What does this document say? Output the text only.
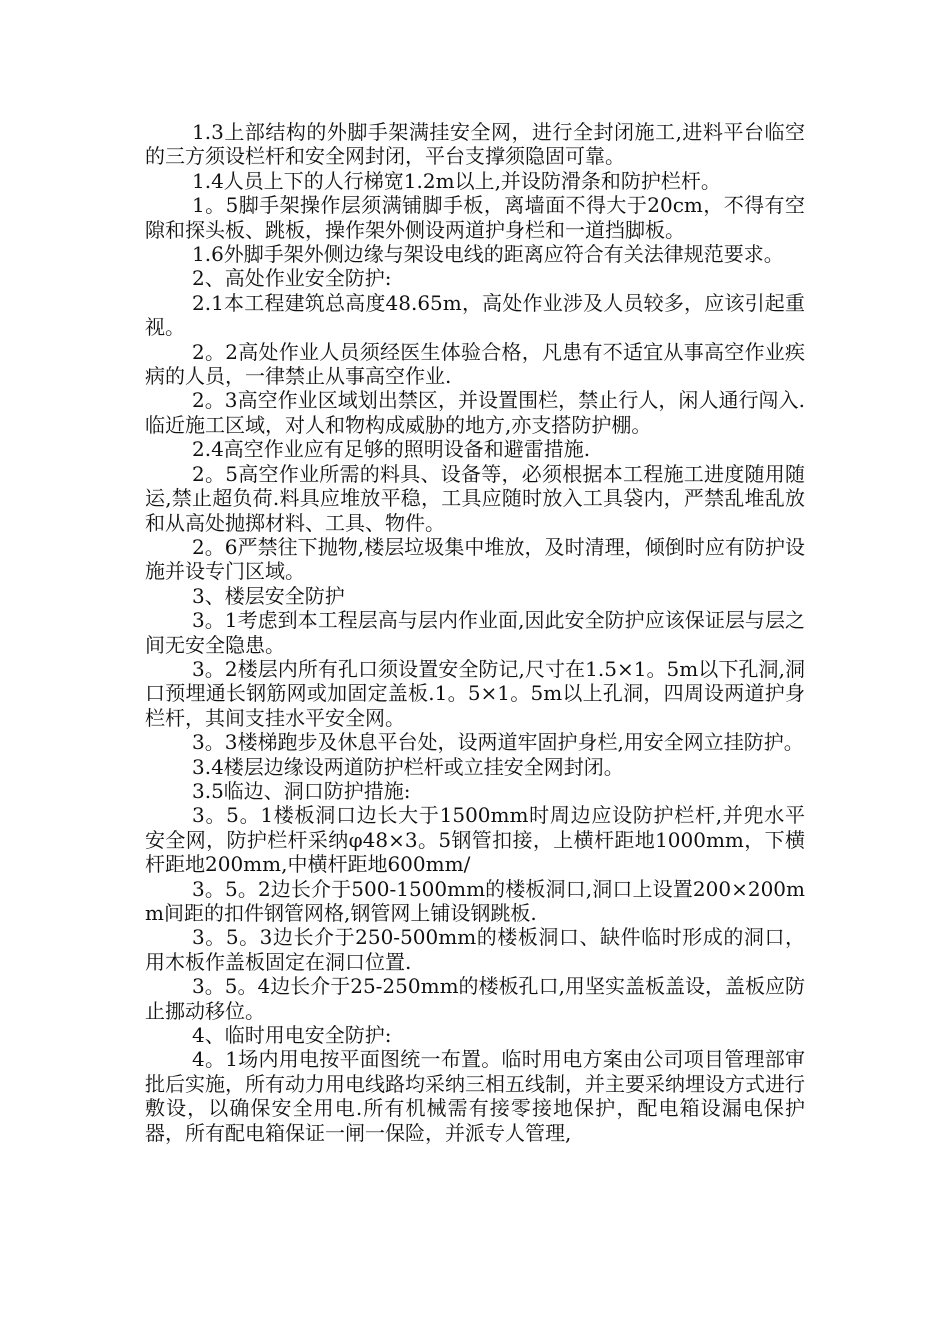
1.3上部结构的外脚手架满挂安全网，进行全封闭施工,进料平台临空的三方须设栏杆和安全网封闭，平台支撑须隐固可靠。

1.4人员上下的人行梯宽1.2m以上,并设防滑条和防护栏杆。

1。5脚手架操作层须满铺脚手板，离墙面不得大于20cm，不得有空隙和探头板、跳板，操作架外侧设两道护身栏和一道挡脚板。

1.6外脚手架外侧边缘与架设电线的距离应符合有关法律规范要求。

2、高处作业安全防护:

2.1本工程建筑总高度48.65m，高处作业涉及人员较多，应该引起重视。

2。2高处作业人员须经医生体验合格，凡患有不适宜从事高空作业疾病的人员，一律禁止从事高空作业.

2。3高空作业区域划出禁区，并设置围栏，禁止行人，闲人通行闯入.临近施工区域，对人和物构成威胁的地方,亦支搭防护棚。

2.4高空作业应有足够的照明设备和避雷措施.

2。5高空作业所需的料具、设备等，必须根据本工程施工进度随用随运,禁止超负荷.料具应堆放平稳，工具应随时放入工具袋内，严禁乱堆乱放和从高处抛掷材料、工具、物件。

2。6严禁往下抛物,楼层垃圾集中堆放，及时清理，倾倒时应有防护设施并设专门区域。

3、楼层安全防护

3。1考虑到本工程层高与层内作业面,因此安全防护应该保证层与层之间无安全隐患。

3。2楼层内所有孔口须设置安全防记,尺寸在1.5×1。5m以下孔洞,洞口预埋通长钢筋网或加固定盖板.1。5×1。5m以上孔洞，四周设两道护身栏杆，其间支挂水平安全网。

3。3楼梯跑步及休息平台处，设两道牢固护身栏,用安全网立挂防护。

3.4楼层边缘设两道防护栏杆或立挂安全网封闭。

3.5临边、洞口防护措施:

3。5。1楼板洞口边长大于1500mm时周边应设防护栏杆,并兜水平安全网，防护栏杆采纳φ48×3。5钢管扣接，上横杆距地1000mm，下横杆距地200mm,中横杆距地600mm/

3。5。2边长介于500-1500mm的楼板洞口,洞口上设置200×200mm间距的扣件钢管网格,钢管网上铺设钢跳板.

3。5。3边长介于250-500mm的楼板洞口、缺件临时形成的洞口，用木板作盖板固定在洞口位置.

3。5。4边长介于25-250mm的楼板孔口,用坚实盖板盖设，盖板应防止挪动移位。

4、临时用电安全防护:

4。1场内用电按平面图统一布置。临时用电方案由公司项目管理部审批后实施，所有动力用电线路均采纳三相五线制，并主要采纳埋设方式进行敷设，以确保安全用电.所有机械需有接零接地保护，配电箱设漏电保护器，所有配电箱保证一闸一保险，并派专人管理,
